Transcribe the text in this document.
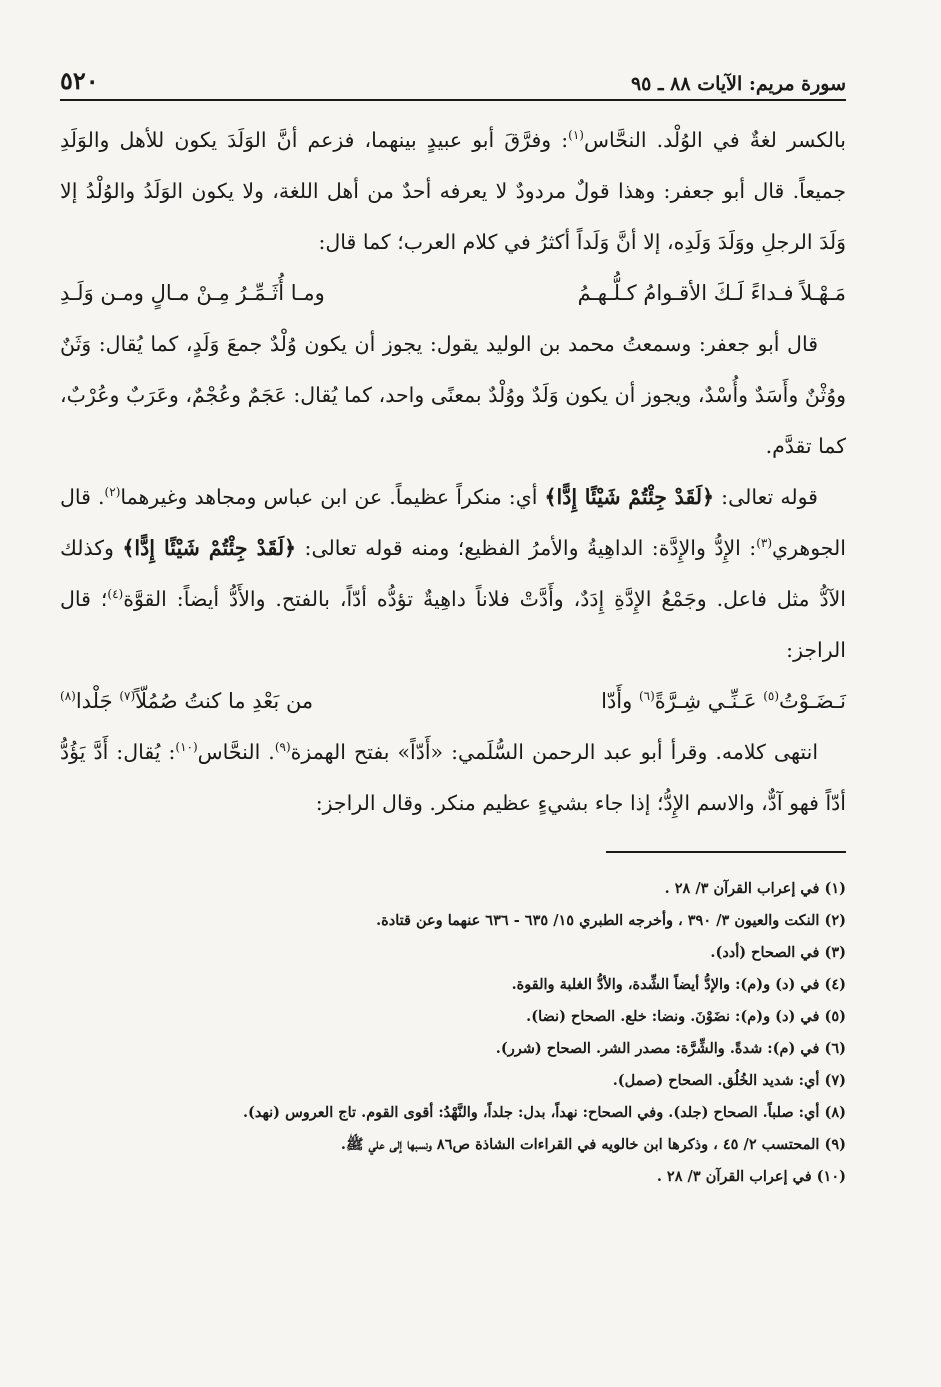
سورة مريم: الآيات ٨٨ ـ ٩٥
٥٢٠

بالكسر لغةٌ في الوُلْد. النحَّاس$^{(١)}$: وفرَّقَ أبو عبيدٍ بينهما، فزعم أنَّ الوَلَدَ يكون للأهل والوَلَدِ جميعاً. قال أبو جعفر: وهذا قولٌ مردودٌ لا يعرفه أحدٌ من أهل اللغة، ولا يكون الوَلَدُ والوُلْدُ إلا وَلَدَ الرجلِ ووَلَدَ وَلَدِه، إلا أنَّ وَلَداً أكثرُ في كلام العرب؛ كما قال:

مَـهْـلاً فـداءً لَـكَ الأقـوامُ كـلُّـهـمُ
ومـا أُثَـمِّـرُ مِـنْ مـالٍ ومـن وَلَـدِ

قال أبو جعفر: وسمعتُ محمد بن الوليد يقول: يجوز أن يكون وُلْدٌ جمعَ وَلَدٍ، كما يُقال: وَثَنٌ ووُثْنٌ وأَسَدٌ وأُسْدٌ، ويجوز أن يكون وَلَدٌ ووُلْدٌ بمعنًى واحد، كما يُقال: عَجَمٌ وعُجْمٌ، وعَرَبٌ وعُرْبٌ، كما تقدَّم.

قوله تعالى: ﴿لَقَدْ جِئْتُمْ شَيْئًا إِدًّا﴾ أي: منكراً عظيماً. عن ابن عباس ومجاهد وغيرهما$^{(٢)}$. قال الجوهري$^{(٣)}$: الإِدُّ والإِدَّة: الداهِيةُ والأمرُ الفظيع؛ ومنه قوله تعالى: ﴿لَقَدْ جِئْتُمْ شَيْئًا إِدًّا﴾ وكذلك الآدُّ مثل فاعل. وجَمْعُ الإِدَّةِ إِدَدٌ، وأَدَّتْ فلاناً داهِيةٌ تؤدُّه أدّاً، بالفتح. والأَدُّ أيضاً: القوَّة$^{(٤)}$؛ قال الراجز:

نَـضَـوْتُ$^{(٥)}$ عَـنِّـي شِـرَّةً$^{(٦)}$ وأَدّا
من بَعْدِ ما كنتُ صُمُلّاً$^{(٧)}$ جَلْدا$^{(٨)}$

انتهى كلامه. وقرأ أبو عبد الرحمن السُّلَمي: «أَدّاً» بفتح الهمزة$^{(٩)}$. النحَّاس$^{(١٠)}$: يُقال: أَدَّ يَؤُدُّ أدّاً فهو آدٌّ، والاسم الإِدُّ؛ إذا جاء بشيءٍ عظيم منكر. وقال الراجز:

(١) في إعراب القرآن ٣/ ٢٨ .
(٢) النكت والعيون ٣/ ٣٩٠ ، وأخرجه الطبري ١٥/ ٦٣٥ - ٦٣٦ عنهما وعن قتادة.
(٣) في الصحاح (أدد).
(٤) في (د) و(م): والإدُّ أيضاً الشِّدة، والأدُّ الغلبة والقوة.
(٥) في (د) و(م): نضَوْنَ. ونضا: خلع. الصحاح (نضا).
(٦) في (م): شدةً. والشِّرَّة: مصدر الشر. الصحاح (شرر).
(٧) أي: شديد الخُلُق. الصحاح (صمل).
(٨) أي: صلباً. الصحاح (جلد). وفي الصحاح: نهداً، بدل: جلداً، والنَّهْدُ: أقوى القوم. تاج العروس (نهد).
(٩) المحتسب ٢/ ٤٥ ، وذكرها ابن خالويه في القراءات الشاذة ص٨٦ ونسبها إلى علي ﷺ.
(١٠) في إعراب القرآن ٣/ ٢٨ .
